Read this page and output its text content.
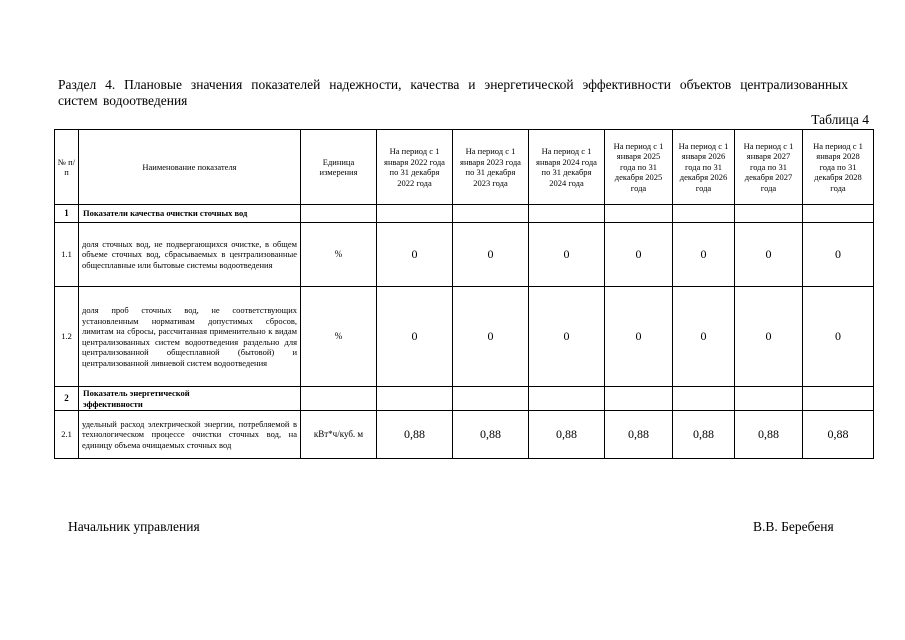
Раздел 4. Плановые значения показателей надежности, качества и энергетической эффективности объектов централизованных систем водоотведения
Таблица 4
№ п/п	Наименование показателя	Единица измерения	На период с 1 января 2022 года по 31 декабря 2022 года	На период с 1 января 2023 года по 31 декабря 2023 года	На период с 1 января 2024 года по 31 декабря 2024 года	На период с 1 января 2025 года по 31 декабря 2025 года	На период с 1 января 2026 года по 31 декабря 2026 года	На период с 1 января 2027 года по 31 декабря 2027 года	На период с 1 января 2028 года по 31 декабря 2028 года
1	Показатели качества очистки сточных вод								
1.1	доля сточных вод, не подвергающихся очистке, в общем объеме сточных вод, сбрасываемых в централизованные общесплавные или бытовые системы водоотведения	%	0	0	0	0	0	0	0
1.2	доля проб сточных вод, не соответствующих установленным нормативам допустимых сбросов, лимитам на сбросы, рассчитанная применительно к видам централизованных систем водоотведения раздельно для централизованной общесплавной (бытовой) и централизованной ливневой систем водоотведения	%	0	0	0	0	0	0	0
2	Показатель энергетической эффективности								
2.1	удельный расход электрической энергии, потребляемой в технологическом процессе очистки сточных вод, на единицу объема очищаемых сточных вод	кВт*ч/куб. м	0,88	0,88	0,88	0,88	0,88	0,88	0,88
Начальник управления	В.В. Беребеня
